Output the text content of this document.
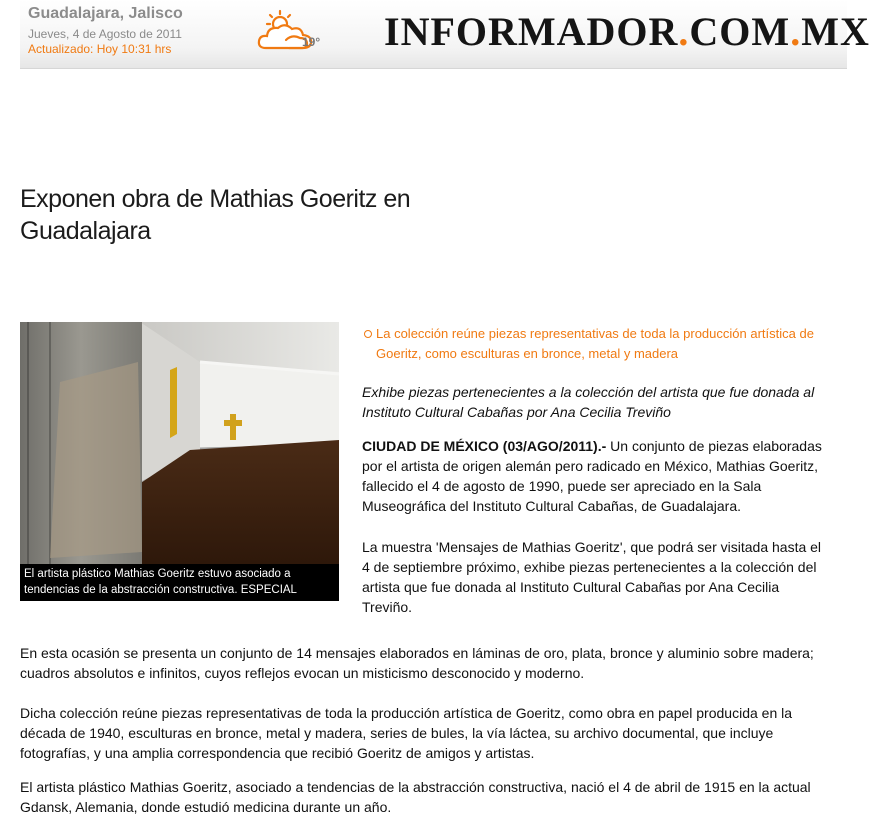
Guadalajara, Jalisco
Jueves, 4 de Agosto de 2011
Actualizado: Hoy 10:31 hrs	19° INFORMADOR.COM.MX
Exponen obra de Mathias Goeritz en Guadalajara
El artista plástico Mathias Goeritz estuvo asociado a tendencias de la abstracción constructiva. ESPECIAL

La colección reúne piezas representativas de toda la producción artística de Goeritz, como esculturas en bronce, metal y madera

Exhibe piezas pertenecientes a la colección del artista que fue donada al Instituto Cultural Cabañas por Ana Cecilia Treviño

CIUDAD DE MÉXICO (03/AGO/2011).- Un conjunto de piezas elaboradas por el artista de origen alemán pero radicado en México, Mathias Goeritz, fallecido el 4 de agosto de 1990, puede ser apreciado en la Sala Museográfica del Instituto Cultural Cabañas, de Guadalajara.

La muestra 'Mensajes de Mathias Goeritz', que podrá ser visitada hasta el 4 de septiembre próximo, exhibe piezas pertenecientes a la colección del artista que fue donada al Instituto Cultural Cabañas por Ana Cecilia Treviño.

En esta ocasión se presenta un conjunto de 14 mensajes elaborados en láminas de oro, plata, bronce y aluminio sobre madera; cuadros absolutos e infinitos, cuyos reflejos evocan un misticismo desconocido y moderno.

Dicha colección reúne piezas representativas de toda la producción artística de Goeritz, como obra en papel producida en la década de 1940, esculturas en bronce, metal y madera, series de bules, la vía láctea, su archivo documental, que incluye fotografías, y una amplia correspondencia que recibió Goeritz de amigos y artistas.

El artista plástico Mathias Goeritz, asociado a tendencias de la abstracción constructiva, nació el 4 de abril de 1915 en la actual Gdansk, Alemania, donde estudió medicina durante un año.
